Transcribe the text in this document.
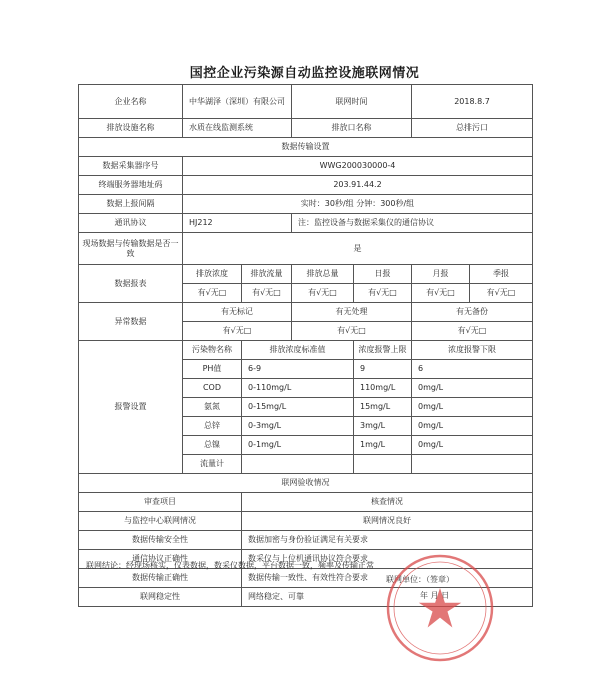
国控企业污染源自动监控设施联网情况
企业名称	中华湖泽（深圳）有限公司		联网时间		2018.8.7	
排放设施名称	水质在线监测系统		排放口名称		总排污口	
数据传输设置						
数据采集器序号	WWG200030000-4					
终端服务器地址码	203.91.44.2					
数据上报间隔	实时：30秒/组 分钟：300秒/组					
通讯协议	HJ212		注：监控设备与数据采集仪的通信协议			
现场数据与传输数据是否一致	是					
数据报表	排放浓度	排放流量	排放总量	日报	月报	季报
	有√无□	有√无□	有√无□	有√无□	有√无□	有√无□
异常数据	有无标记		有无处理		有无备份	
	有√无□		有√无□		有√无□	
报警设置	污染物名称	排放浓度标准值		浓度报警上限	浓度报警下限	
	PH值	6-9		9	6	
	COD	0-110mg/L		110mg/L	0mg/L	
	氨氮	0-15mg/L		15mg/L	0mg/L	
	总锌	0-3mg/L		3mg/L	0mg/L	
	总镍	0-1mg/L		1mg/L	0mg/L	
	流量计					
联网验收情况						
审查项目		核查情况				
与监控中心联网情况		联网情况良好				
数据传输安全性		数据加密与身份验证满足有关要求				
通信协议正确性		数采仪与上位机通讯协议符合要求				
数据传输正确性		数据传输一致性、有效性符合要求				
联网稳定性		网络稳定、可靠				
联网结论：经现场核实，仪表数据，数采仪数据，平台数据一致，频率及传输正常
联网单位：（签章）
年 月 日
